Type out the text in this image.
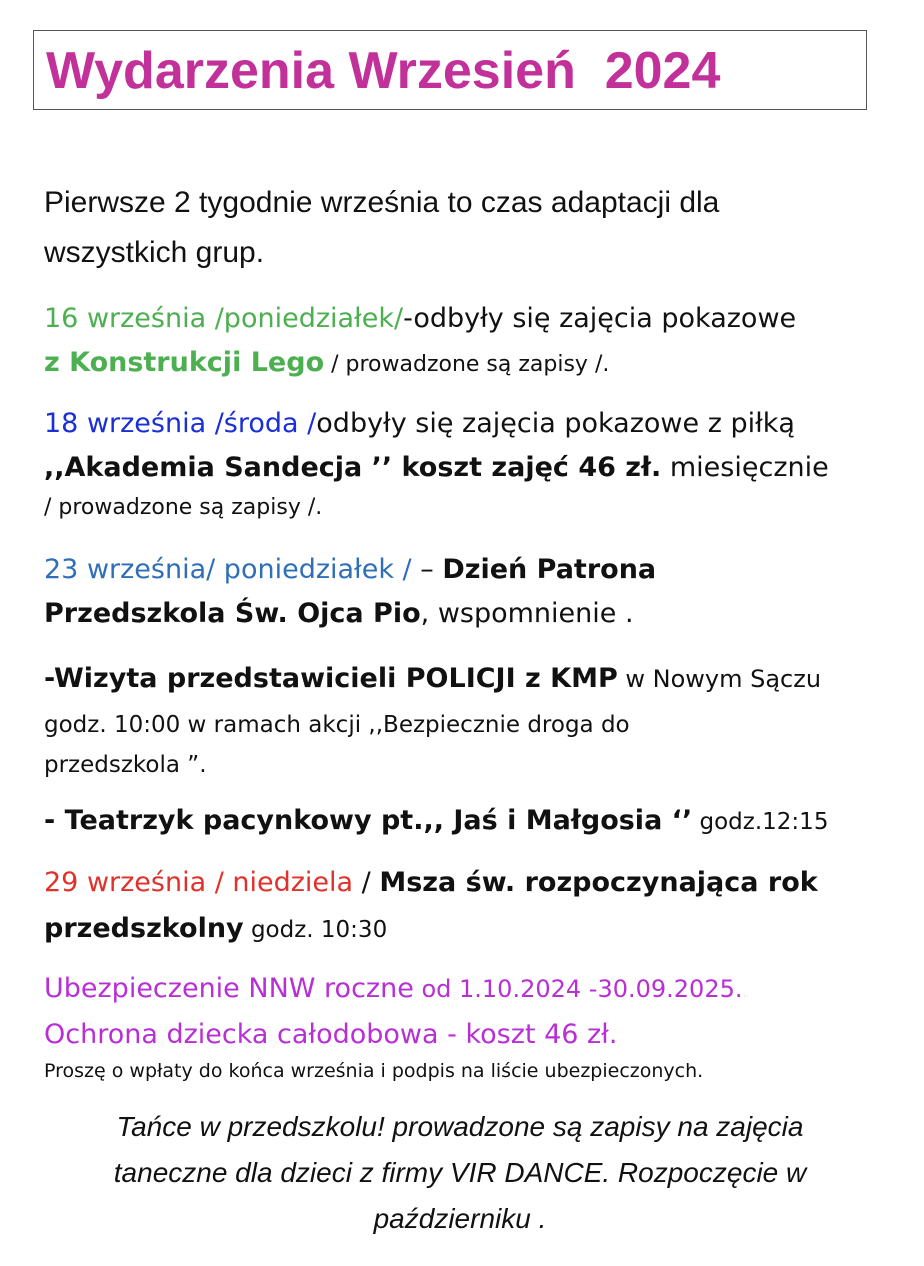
Wydarzenia Wrzesień  2024
Pierwsze 2 tygodnie września to czas adaptacji dla
wszystkich grup.
16 września /poniedziałek/-odbyły się zajęcia pokazowe
z Konstrukcji Lego / prowadzone są zapisy /.
18 września /środa /odbyły się zajęcia pokazowe z piłką
,,Akademia Sandecja ’’ koszt zajęć 46 zł. miesięcznie
/ prowadzone są zapisy /.
23 września/ poniedziałek / – Dzień Patrona
Przedszkola Św. Ojca Pio, wspomnienie .
-Wizyta przedstawicieli POLICJI z KMP w Nowym Sączu
godz. 10:00 w ramach akcji ,,Bezpiecznie droga do
przedszkola ”.
- Teatrzyk pacynkowy pt.,, Jaś i Małgosia ‘’ godz.12:15
29 września / niedziela / Msza św. rozpoczynająca rok
przedszkolny godz. 10:30
Ubezpieczenie NNW roczne od 1.10.2024 -30.09.2025.
Ochrona dziecka całodobowa - koszt 46 zł.
Proszę o wpłaty do końca września i podpis na liście ubezpieczonych.
Tańce w przedszkolu! prowadzone są zapisy na zajęcia
taneczne dla dzieci z firmy VIR DANCE. Rozpoczęcie w
październiku .
